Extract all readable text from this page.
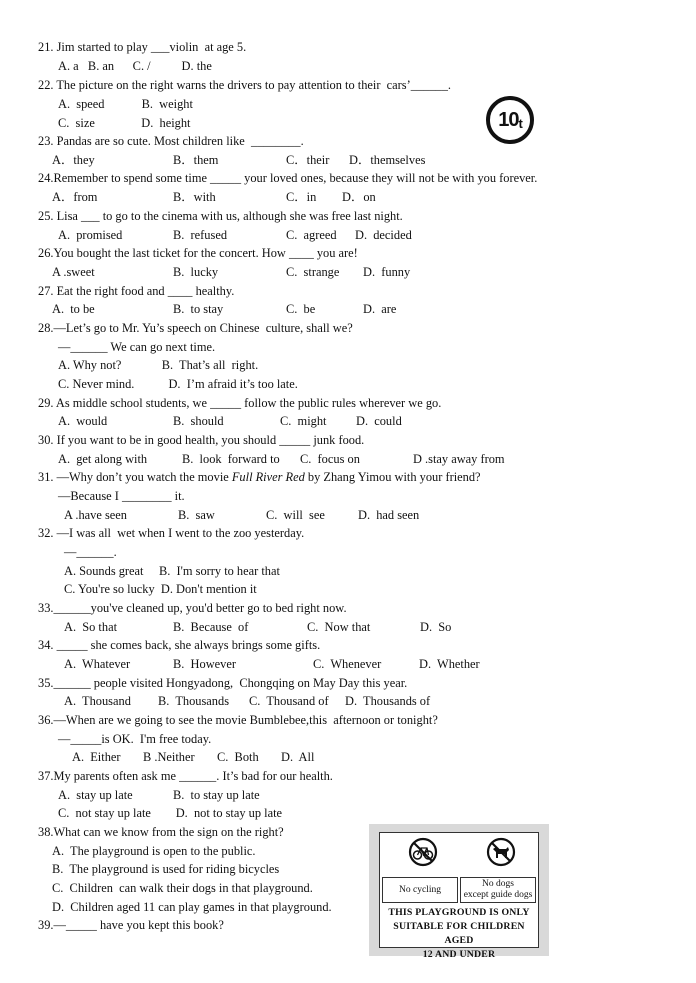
21. Jim started to play ___violin  at age 5.
A. a   B. an      C. /          D. the
22. The picture on the right warns the drivers to pay attention to their  cars’______.
A.  speed            B.  weight
C.  size               D.  height	10 t
23. Pandas are so cute. Most children like  ________.
A．they	B．them	C．their D．themselves
24.Remember to spend some time _____ your loved ones, because they will not be with you forever.
A．from	B．with	C．in D．on
25. Lisa ___ to go to the cinema with us, although she was free last night.
A.  promised	B.  refused	C.  agreed D.  decided
26.You bought the last ticket for the concert. How ____ you are!
A .sweet	B.  lucky	C.  strange D.  funny
27. Eat the right food and ____ healthy.
A.  to be	B.  to stay	C.  be	D.  are
28.—Let’s go to Mr. Yu’s speech on Chinese  culture, shall we?
—______ We can go next time.
A. Why not?             B.  That’s all  right.
C. Never mind.           D.  I’m afraid it’s too late.
29. As middle school students, we _____ follow the public rules wherever we go.
A.  would	B.  should	C.  might D.  could
30. If you want to be in good health, you should _____ junk food.
A.  get along with	B.  look  forward to C.  focus on	D .stay away from
31. —Why don’t you watch the movie Full River Red by Zhang Yimou with your friend?
—Because I ________ it.
A .have seen	B.  saw	C.  will  see	D.  had seen
32. —I was all  wet when I went to the zoo yesterday.
—______.
A. Sounds great     B.  I'm sorry to hear that
C. You're so lucky  D. Don't mention it
33.______you've cleaned up, you'd better go to bed right now.
A.  So that	B.  Because  of	C.  Now that	D.  So
34. _____ she comes back, she always brings some gifts.
A.  Whatever	B.  However	C.  Whenever	D.  Whether
35.______ people visited Hongyadong,  Chongqing on May Day this year.
A.  Thousand B.  Thousands C.  Thousand of D.  Thousands of
36.—When are we going to see the movie Bumblebee,this  afternoon or tonight?
—_____is OK.  I'm free today.
A.  Either B .Neither C.  Both D.  All
37.My parents often ask me ______. It’s bad for our health.
A.  stay up late             B.  to stay up late
C.  not stay up late        D.  not to stay up late
38.What can we know from the sign on the right?
A.  The playground is open to the public.
B.  The playground is used for riding bicycles
C.  Children  can walk their dogs in that playground.
D.  Children aged 11 can play games in that playground.
39.—_____ have you kept this book?
No cycling
No dogs
except guide dogs
THIS PLAYGROUND IS ONLY
SUITABLE FOR CHILDREN AGED
12 AND UNDER
